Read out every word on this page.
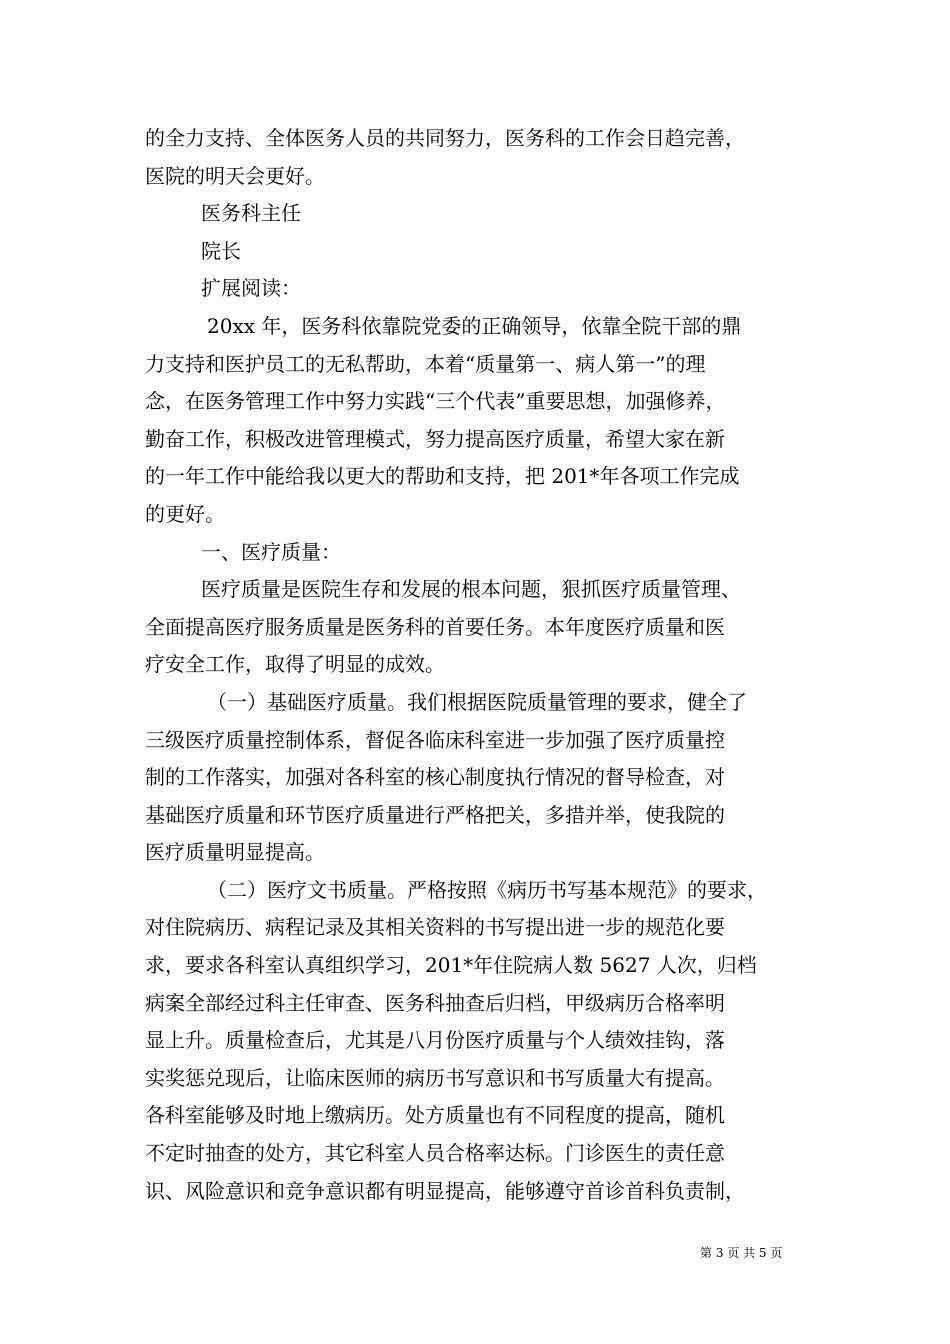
的全力支持、全体医务人员的共同努力，医务科的工作会日趋完善，
医院的明天会更好。
医务科主任
院长
扩展阅读：
20xx 年，医务科依靠院党委的正确领导，依靠全院干部的鼎
力支持和医护员工的无私帮助，本着“质量第一、病人第一”的理
念，在医务管理工作中努力实践“三个代表”重要思想，加强修养，
勤奋工作，积极改进管理模式，努力提高医疗质量，希望大家在新
的一年工作中能给我以更大的帮助和支持，把 201*年各项工作完成
的更好。
一、医疗质量：
医疗质量是医院生存和发展的根本问题，狠抓医疗质量管理、
全面提高医疗服务质量是医务科的首要任务。本年度医疗质量和医
疗安全工作，取得了明显的成效。
（一）基础医疗质量。我们根据医院质量管理的要求，健全了
三级医疗质量控制体系，督促各临床科室进一步加强了医疗质量控
制的工作落实，加强对各科室的核心制度执行情况的督导检查，对
基础医疗质量和环节医疗质量进行严格把关，多措并举，使我院的
医疗质量明显提高。
（二）医疗文书质量。严格按照《病历书写基本规范》的要求，
对住院病历、病程记录及其相关资料的书写提出进一步的规范化要
求，要求各科室认真组织学习，201*年住院病人数 5627 人次，归档
病案全部经过科主任审查、医务科抽查后归档，甲级病历合格率明
显上升。质量检查后，尤其是八月份医疗质量与个人绩效挂钩，落
实奖惩兑现后，让临床医师的病历书写意识和书写质量大有提高。
各科室能够及时地上缴病历。处方质量也有不同程度的提高，随机
不定时抽查的处方，其它科室人员合格率达标。门诊医生的责任意
识、风险意识和竞争意识都有明显提高，能够遵守首诊首科负责制，
第 3 页 共 5 页
